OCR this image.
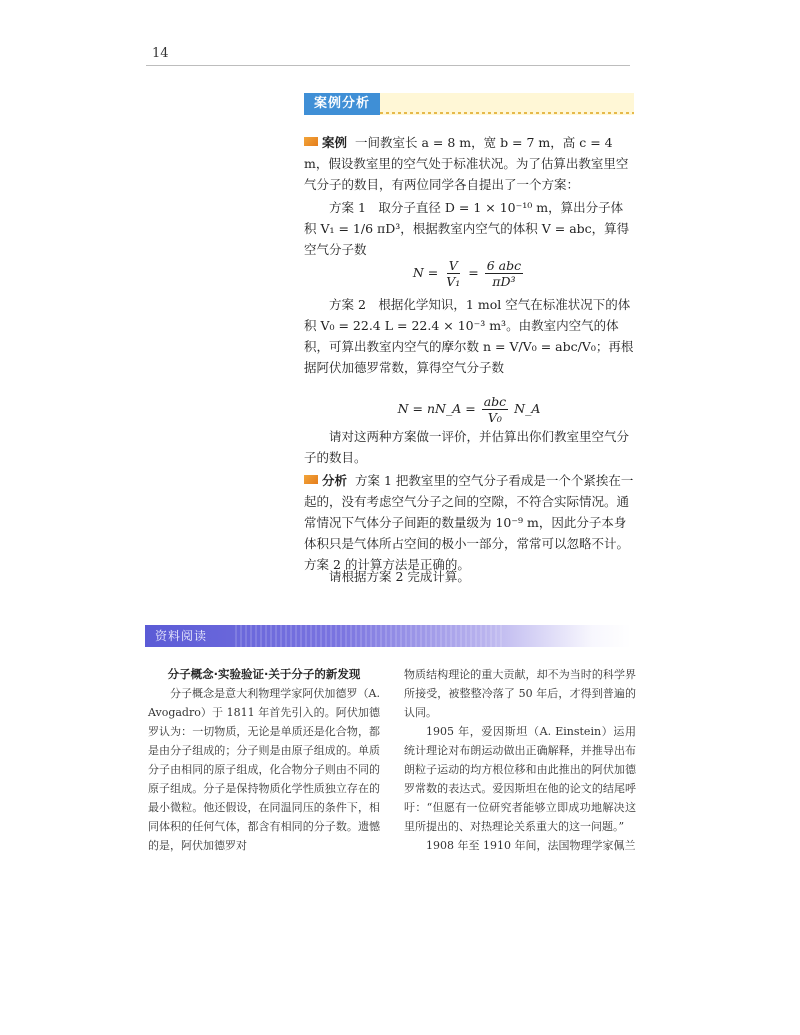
14
案例分析

案例 一间教室长 a = 8 m，宽 b = 7 m，高 c = 4 m，假设教室里的空气处于标准状况。为了估算出教室里空气分子的数目，有两位同学各自提出了一个方案：

方案 1　取分子直径 D = 1 × 10⁻¹⁰ m，算出分子体积 V₁ = 1/6 πD³，根据教室内空气的体积 V = abc，算得空气分子数

$N = \frac{V}{\text{V₁}} = \frac{\text{6 abc}}{\text{πD³}}$

方案 2　根据化学知识，1 mol 空气在标准状况下的体积 V₀ = 22.4 L = 22.4 × 10⁻³ m³。由教室内空气的体积，可算出教室内空气的摩尔数 n = V/V₀ = abc/V₀；再根据阿伏加德罗常数，算得空气分子数

N = nN_A = $\frac{\text{abc}}{\text{V₀}}$ N_A

请对这两种方案做一评价，并估算出你们教室里空气分子的数目。

分析 方案 1 把教室里的空气分子看成是一个个紧挨在一起的，没有考虑空气分子之间的空隙，不符合实际情况。通常情况下气体分子间距的数量级为 10⁻⁹ m，因此分子本身体积只是气体所占空间的极小一部分，常常可以忽略不计。方案 2 的计算方法是正确的。

请根据方案 2 完成计算。

资料阅读
分子概念·实验验证·关于分子的新发现

分子概念是意大利物理学家阿伏加德罗（A. Avogadro）于 1811 年首先引入的。阿伏加德罗认为：一切物质，无论是单质还是化合物，都是由分子组成的；分子则是由原子组成的。单质分子由相同的原子组成，化合物分子则由不同的原子组成。分子是保持物质化学性质独立存在的最小微粒。他还假设，在同温同压的条件下，相同体积的任何气体，都含有相同的分子数。遗憾的是，阿伏加德罗对

物质结构理论的重大贡献，却不为当时的科学界所接受，被整整冷落了 50 年后，才得到普遍的认同。

1905 年，爱因斯坦（A. Einstein）运用统计理论对布朗运动做出正确解释，并推导出布朗粒子运动的均方根位移和由此推出的阿伏加德罗常数的表达式。爱因斯坦在他的论文的结尾呼吁：“但愿有一位研究者能够立即成功地解决这里所提出的、对热理论关系重大的这一问题。”

1908 年至 1910 年间，法国物理学家佩兰
